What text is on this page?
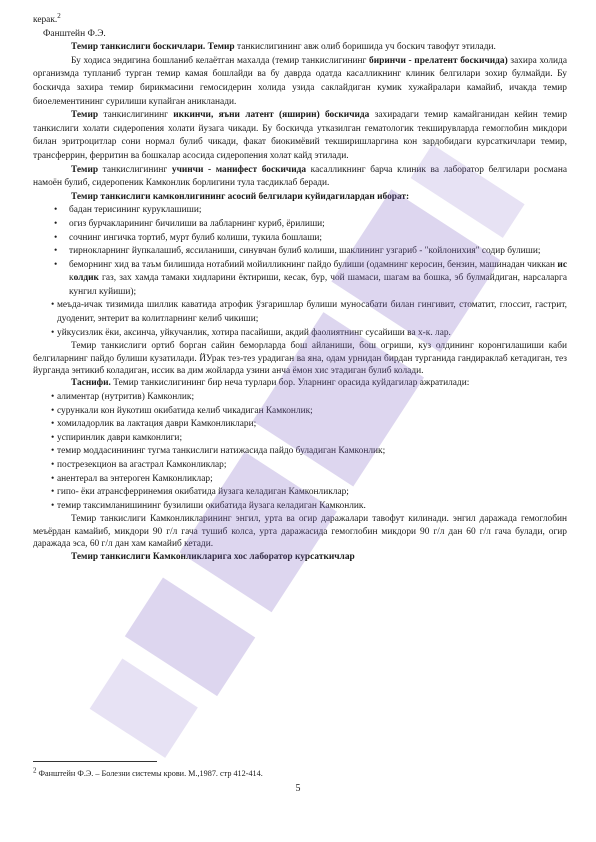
керак.$^2$

Фанштейн Ф.Э.

Темир танкислиги боскичлари. Темир танкислигининг авж олиб боришида уч боскич тавофут этилади.

Бу ходиса эндигина бошланиб келаётган махалда (темир танкислигининг биринчи - прелатент боскичида) захира холида организмда тупланиб турган темир камая бошлайди ва бу даврда одатда касалликнинг клиник белгилари зохир булмайди. Бу боскичда захира темир бирикмасини гемосидерин холида узида саклайдиган кумик хужайралари камайиб, ичакда темир биоелементининг сурилиши купайган аникланади.

Темир танкислигининг иккинчи, яъни латент (яширин) боскичида захирадаги темир камайганидан кейин темир танкислиги холати сидеропения холати йузага чикади. Бу боскичда утказилган гематологик текширувларда гемоглобин микдори билан эритроцитлар сони нормал булиб чикади, факат биокимёвий текширишларгина кон зардобидаги курсаткичлари темир, трансферрин, ферритин ва бошкалар асосида сидеропения холат кайд этилади.

Темир танкислигининг учинчи - манифест боскичида касалликнинг барча клиник ва лаборатор белгилари росмана намоён булиб, сидеропеник Камконлик борлигини тула тасдиклаб беради.

Темир танкислиги камконлигининг асосий белгилари куйидагилардан иборат:

• бадан терисининг куруклашиши;
• огиз бурчакларининг бичилиши ва лабларнинг куриб, ёрилиши;
• сочнинг ингичка тортиб, мурт булиб колиши, тукила бошлаши;
• тирнокларнинг йупкалашиб, яссиланиши, синувчан булиб колиши, шаклининг узгариб - "койлонихия" содир булиши;
• беморнинг хид ва таъм билишида нотабиий мойилликнинг пайдо булиши (одамнинг керосин, бензин, машинадан чиккан ис колдик газ, зах хамда тамаки хидларини ёктириши, кесак, бур, чой шамаси, шагам ва бошка, эб булмайдиган, нарсаларга кунгил куйиши);
• меъда-ичак тизимида шиллик каватида атрофик ўзгаришлар булиши муносабати билан гингивит, стоматит, глоссит, гастрит, дуоденит, энтерит ва колитларнинг келиб чикиши;
• уйкусизлик ёки, аксинча, уйкучанлик, хотира пасайиши, акдий фаолиятнинг сусайиши ва х-к. лар.

Темир танкислиги ортиб борган сайин беморларда бош айланиши, бош огриши, куз олдининг коронгилашиши каби белгиларнинг пайдо булиши кузатилади. ЙУрак тез-тез урадиган ва яна, одам урнидан бирдан турганида гандираклаб кетадиган, тез йурганда энтикиб коладиган, иссик ва дим жойларда узини анча ёмон хис этадиган булиб колади.

Таснифи. Темир танкислигининг бир неча турлари бор. Уларнинг орасида куйдагилар ажратилади:

• алиментар (нутритив) Камконлик;
• сурункали кон йукотиш окибатида келиб чикадиган Камконлик;
• хомиладорлик ва лактация даври Камконликлари;
• успиринлик даври камконлиги;
• темир моддасинининг тугма танкислиги натижасида пайдо буладиган Камконлик;
• пострезекцион ва агастрал Камконликлар;
• анентерал ва энтероген Камконликлар;
• гипо- ёки атрансферринемия окибатида йузага келадиган Камконликлар;
• темир таксимланишининг бузилиши окибатида йузага келадиган Камконлик.

Темир танкислиги Камконликларининг энгил, урта ва огир даражалари тавофут килинади. энгил даражада гемоглобин меъёрдан камайиб, микдори 90 г/л гача тушиб колса, урта даражасида гемоглобин микдори 90 г/л дан 60 г/л гача булади, огир даражада эса, 60 г/л дан хам камайиб кетади.

Темир танкислиги Камконликларига хос лаборатор курсаткичлар

$^2$ Фанштейн Ф.Э. – Болезни системы крови. М.,1987. стр 412-414.
5
